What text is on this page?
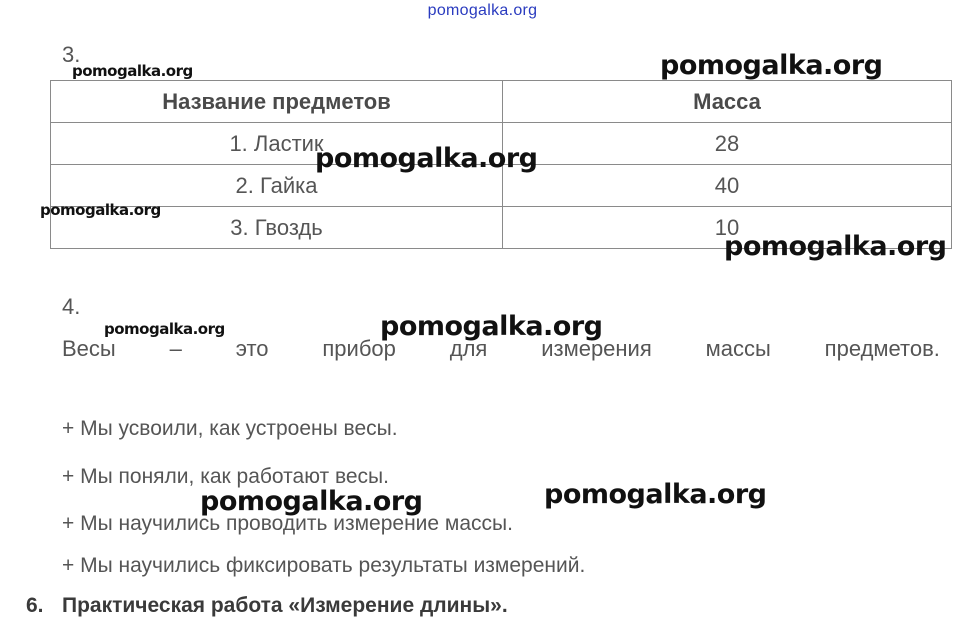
pomogalka.org
3.
Название предметов	Масса
1. Ластик	28
2. Гайка	40
3. Гвоздь	10
4.
Весы – это прибор для измерения массы предметов.
+ Мы усвоили, как устроены весы.
+ Мы поняли, как работают весы.
+ Мы научились проводить измерение массы.
+ Мы научились фиксировать результаты измерений.
6. Практическая работа «Измерение длины».
pomogalka.org	pomogalka.org
pomogalka.org
pomogalka.org
pomogalka.org
pomogalka.org	pomogalka.org
pomogalka.org	pomogalka.org
